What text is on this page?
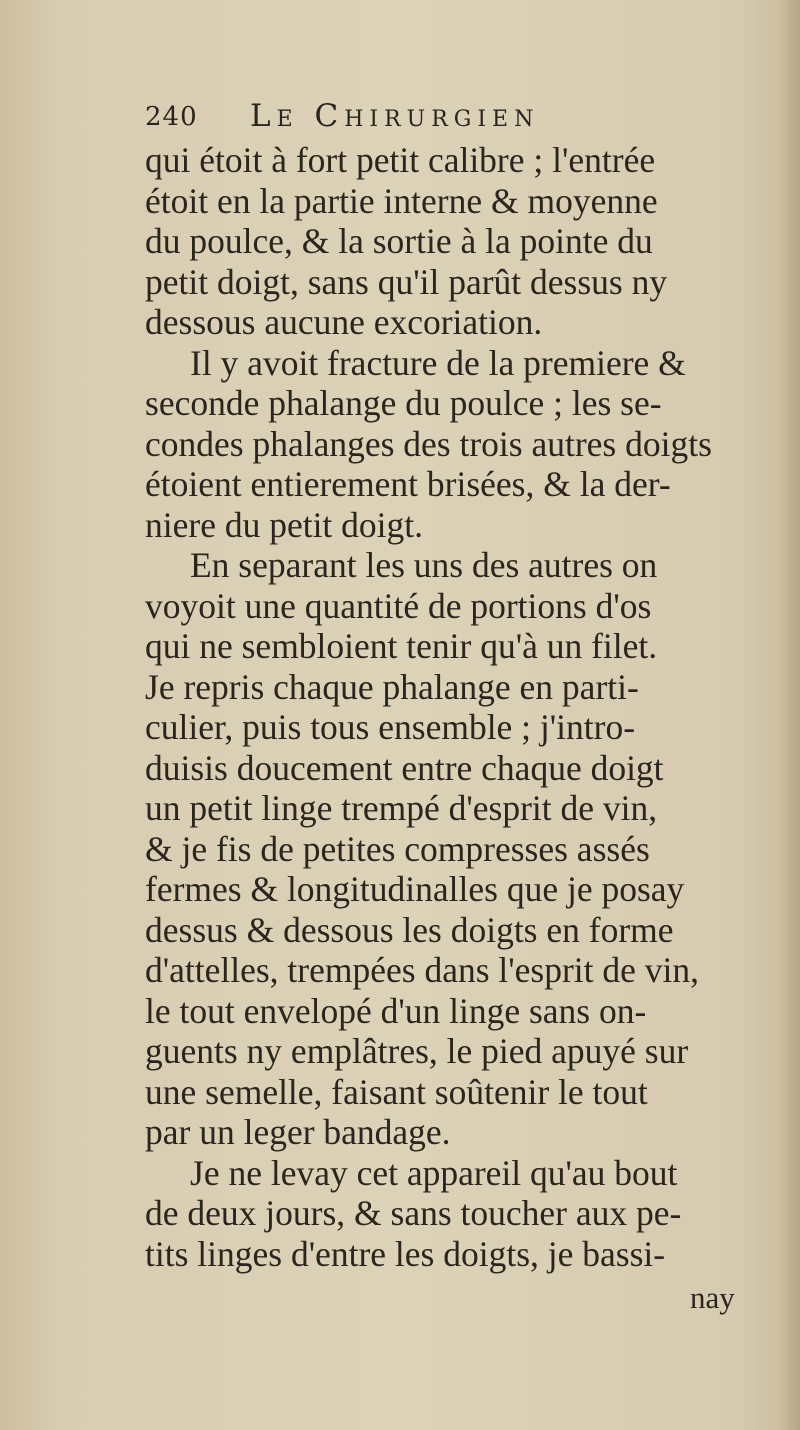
240 Le Chirurgien
qui étoit à fort petit calibre ; l'entrée
étoit en la partie interne & moyenne
du poulce, & la sortie à la pointe du
petit doigt, sans qu'il parût dessus ny
dessous aucune excoriation.
Il y avoit fracture de la premiere &
seconde phalange du poulce ; les se-
condes phalanges des trois autres doigts
étoient entierement brisées, & la der-
niere du petit doigt.
En separant les uns des autres on
voyoit une quantité de portions d'os
qui ne sembloient tenir qu'à un filet.
Je repris chaque phalange en parti-
culier, puis tous ensemble ; j'intro-
duisis doucement entre chaque doigt
un petit linge trempé d'esprit de vin,
& je fis de petites compresses assés
fermes & longitudinalles que je posay
dessus & dessous les doigts en forme
d'attelles, trempées dans l'esprit de vin,
le tout envelopé d'un linge sans on-
guents ny emplâtres, le pied apuyé sur
une semelle, faisant soûtenir le tout
par un leger bandage.
Je ne levay cet appareil qu'au bout
de deux jours, & sans toucher aux pe-
tits linges d'entre les doigts, je bassi-
nay
